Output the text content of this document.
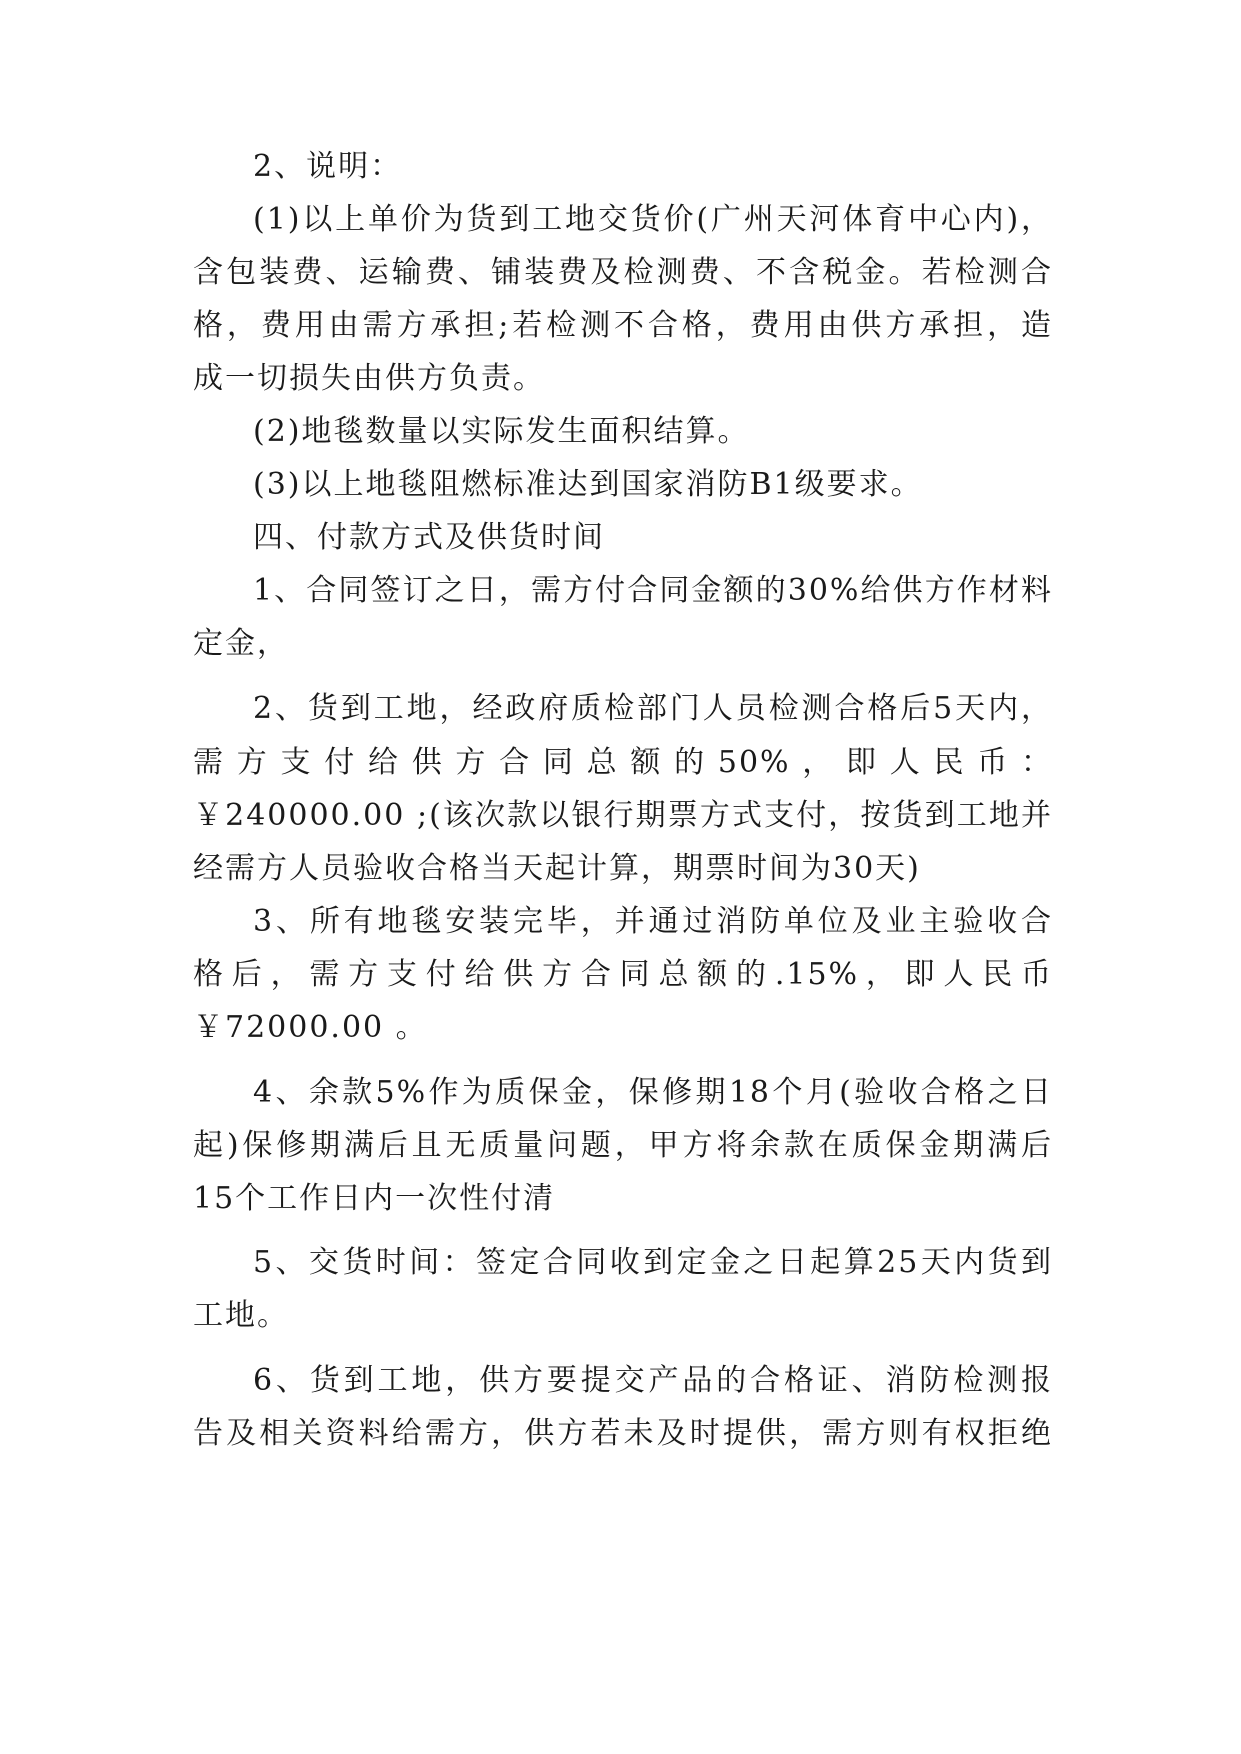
2、说明：
(1)以上单价为货到工地交货价(广州天河体育中心内)，
含包装费、运输费、铺装费及检测费、不含税金。若检测合
格，费用由需方承担;若检测不合格，费用由供方承担，造
成一切损失由供方负责。
(2)地毯数量以实际发生面积结算。
(3)以上地毯阻燃标准达到国家消防B1级要求。
四、付款方式及供货时间
1、合同签订之日，需方付合同金额的30%给供方作材料
定金，
2、货到工地，经政府质检部门人员检测合格后5天内，
需方支付给供方合同总额的50%，即人民币：
￥240000.00 ;(该次款以银行期票方式支付，按货到工地并
经需方人员验收合格当天起计算，期票时间为30天)
3、所有地毯安装完毕，并通过消防单位及业主验收合
格后，需方支付给供方合同总额的.15%，即人民币
￥72000.00 。
4、余款5%作为质保金，保修期18个月(验收合格之日
起)保修期满后且无质量问题，甲方将余款在质保金期满后
15个工作日内一次性付清
5、交货时间：签定合同收到定金之日起算25天内货到
工地。
6、货到工地，供方要提交产品的合格证、消防检测报
告及相关资料给需方，供方若未及时提供，需方则有权拒绝
